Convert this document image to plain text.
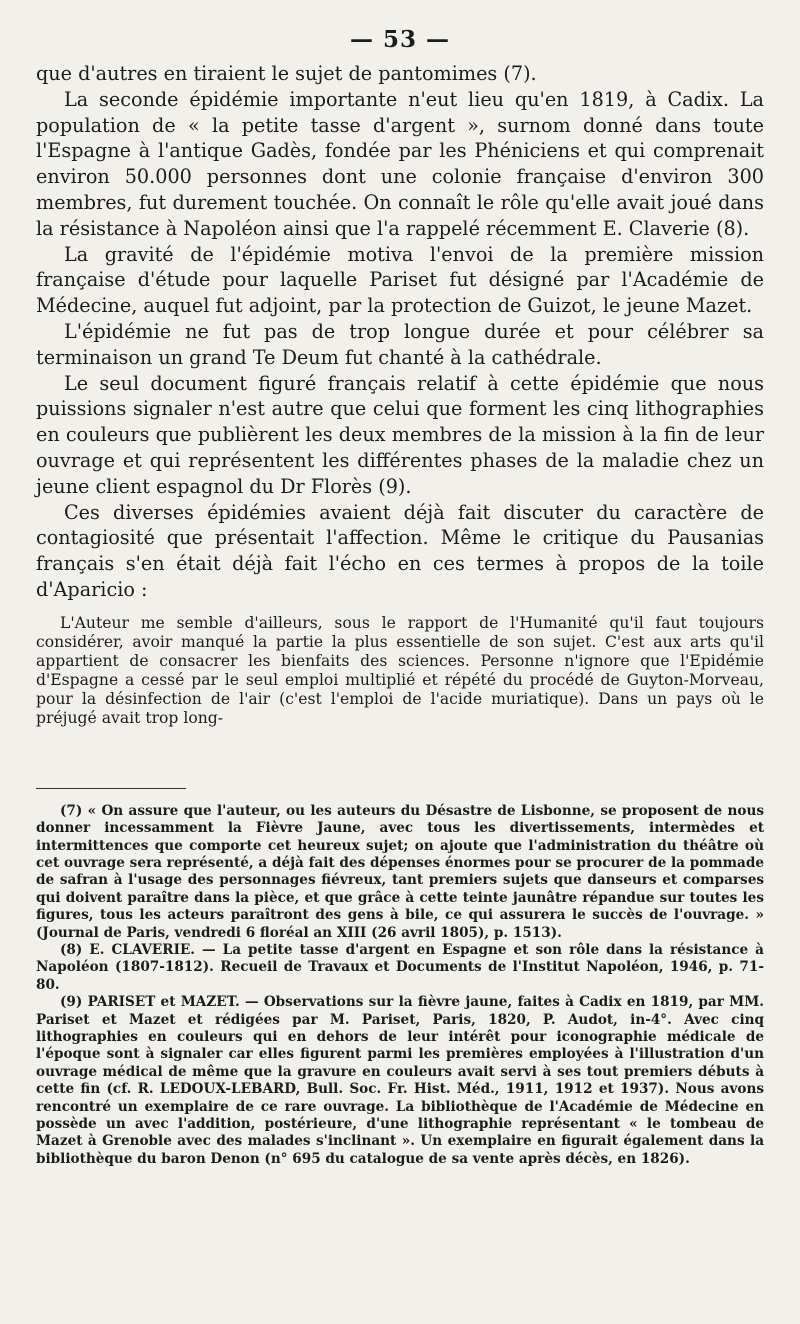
— 53 —

que d'autres en tiraient le sujet de pantomimes (7).

La seconde épidémie importante n'eut lieu qu'en 1819, à Cadix. La population de « la petite tasse d'argent », surnom donné dans toute l'Espagne à l'antique Gadès, fondée par les Phéniciens et qui comprenait environ 50.000 personnes dont une colonie française d'environ 300 membres, fut durement touchée. On connaît le rôle qu'elle avait joué dans la résistance à Napoléon ainsi que l'a rappelé récemment E. Claverie (8).

La gravité de l'épidémie motiva l'envoi de la première mission française d'étude pour laquelle Pariset fut désigné par l'Académie de Médecine, auquel fut adjoint, par la protection de Guizot, le jeune Mazet.

L'épidémie ne fut pas de trop longue durée et pour célébrer sa terminaison un grand Te Deum fut chanté à la cathédrale.

Le seul document figuré français relatif à cette épidémie que nous puissions signaler n'est autre que celui que forment les cinq lithographies en couleurs que publièrent les deux membres de la mission à la fin de leur ouvrage et qui représentent les différentes phases de la maladie chez un jeune client espagnol du Dr Florès (9).

Ces diverses épidémies avaient déjà fait discuter du caractère de contagiosité que présentait l'affection. Même le critique du Pausanias français s'en était déjà fait l'écho en ces termes à propos de la toile d'Aparicio :

L'Auteur me semble d'ailleurs, sous le rapport de l'Humanité qu'il faut toujours considérer, avoir manqué la partie la plus essentielle de son sujet. C'est aux arts qu'il appartient de consacrer les bienfaits des sciences. Personne n'ignore que l'Epidémie d'Espagne a cessé par le seul emploi multiplié et répété du procédé de Guyton-Morveau, pour la désinfection de l'air (c'est l'emploi de l'acide muriatique). Dans un pays où le préjugé avait trop long-

(7) « On assure que l'auteur, ou les auteurs du Désastre de Lisbonne, se proposent de nous donner incessamment la Fièvre Jaune, avec tous les divertissements, intermèdes et intermittences que comporte cet heureux sujet; on ajoute que l'administration du théâtre où cet ouvrage sera représenté, a déjà fait des dépenses énormes pour se procurer de la pommade de safran à l'usage des personnages fiévreux, tant premiers sujets que danseurs et comparses qui doivent paraître dans la pièce, et que grâce à cette teinte jaunâtre répandue sur toutes les figures, tous les acteurs paraîtront des gens à bile, ce qui assurera le succès de l'ouvrage. » (Journal de Paris, vendredi 6 floréal an XIII (26 avril 1805), p. 1513).

(8) E. CLAVERIE. — La petite tasse d'argent en Espagne et son rôle dans la résistance à Napoléon (1807-1812). Recueil de Travaux et Documents de l'Institut Napoléon, 1946, p. 71-80.

(9) PARISET et MAZET. — Observations sur la fièvre jaune, faites à Cadix en 1819, par MM. Pariset et Mazet et rédigées par M. Pariset, Paris, 1820, P. Audot, in-4°. Avec cinq lithographies en couleurs qui en dehors de leur intérêt pour iconographie médicale de l'époque sont à signaler car elles figurent parmi les premières employées à l'illustration d'un ouvrage médical de même que la gravure en couleurs avait servi à ses tout premiers débuts à cette fin (cf. R. LEDOUX-LEBARD, Bull. Soc. Fr. Hist. Méd., 1911, 1912 et 1937). Nous avons rencontré un exemplaire de ce rare ouvrage. La bibliothèque de l'Académie de Médecine en possède un avec l'addition, postérieure, d'une lithographie représentant « le tombeau de Mazet à Grenoble avec des malades s'inclinant ». Un exemplaire en figurait également dans la bibliothèque du baron Denon (n° 695 du catalogue de sa vente après décès, en 1826).
